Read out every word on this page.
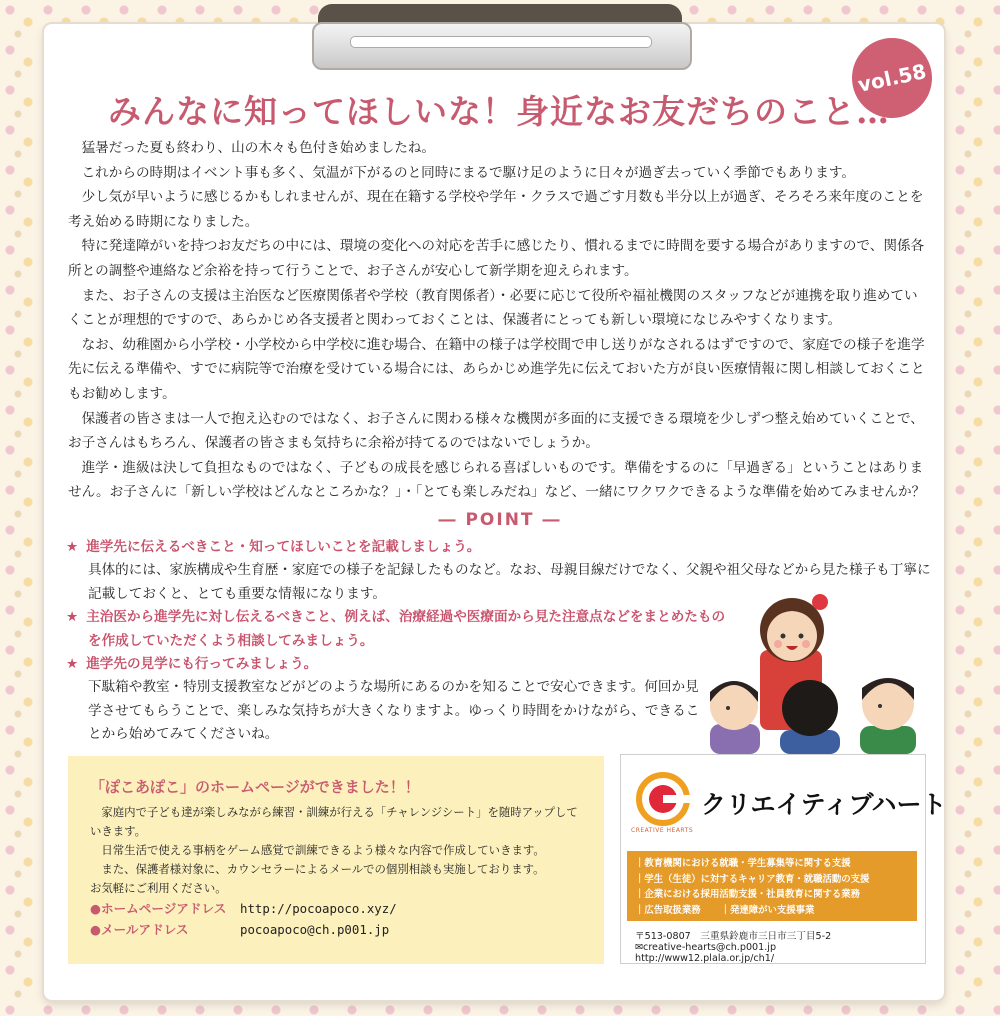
vol.58
みんなに知ってほしいな！身近なお友だちのこと…

猛暑だった夏も終わり、山の木々も色付き始めましたね。

これからの時期はイベント事も多く、気温が下がるのと同時にまるで駆け足のように日々が過ぎ去っていく季節でもあります。

少し気が早いように感じるかもしれませんが、現在在籍する学校や学年・クラスで過ごす月数も半分以上が過ぎ、そろそろ来年度のことを考え始める時期になりました。

特に発達障がいを持つお友だちの中には、環境の変化への対応を苦手に感じたり、慣れるまでに時間を要する場合がありますので、関係各所との調整や連絡など余裕を持って行うことで、お子さんが安心して新学期を迎えられます。

また、お子さんの支援は主治医など医療関係者や学校（教育関係者）・必要に応じて役所や福祉機関のスタッフなどが連携を取り進めていくことが理想的ですので、あらかじめ各支援者と関わっておくことは、保護者にとっても新しい環境になじみやすくなります。

なお、幼稚園から小学校・小学校から中学校に進む場合、在籍中の様子は学校間で申し送りがなされるはずですので、家庭での様子を進学先に伝える準備や、すでに病院等で治療を受けている場合には、あらかじめ進学先に伝えておいた方が良い医療情報に関し相談しておくこともお勧めします。

保護者の皆さまは一人で抱え込むのではなく、お子さんに関わる様々な機関が多面的に支援できる環境を少しずつ整え始めていくことで、お子さんはもちろん、保護者の皆さまも気持ちに余裕が持てるのではないでしょうか。

進学・進級は決して負担なものではなく、子どもの成長を感じられる喜ばしいものです。準備をするのに「早過ぎる」ということはありません。お子さんに「新しい学校はどんなところかな？」・「とても楽しみだね」など、一緒にワクワクできるような準備を始めてみませんか？

― POINT ―
★ 進学先に伝えるべきこと・知ってほしいことを記載しましょう。
具体的には、家族構成や生育歴・家庭での様子を記録したものなど。なお、母親目線だけでなく、父親や祖父母などから見た様子も丁寧に記載しておくと、とても重要な情報になります。
★ 主治医から進学先に対し伝えるべきこと、例えば、治療経過や医療面から見た注意点などをまとめたものを作成していただくよう相談してみましょう。
★ 進学先の見学にも行ってみましょう。
下駄箱や教室・特別支援教室などがどのような場所にあるのかを知ることで安心できます。何回か見学させてもらうことで、楽しみな気持ちが大きくなりますよ。ゆっくり時間をかけながら、できることから始めてみてくださいね。
「ぽこあぽこ」のホームページができました！！

家庭内で子ども達が楽しみながら練習・訓練が行える「チャレンジシート」を随時アップしていきます。

日常生活で使える事柄をゲーム感覚で訓練できるよう様々な内容で作成していきます。

また、保護者様対象に、カウンセラーによるメールでの個別相談も実施しております。

お気軽にご利用ください。

●ホームページアドレス http://pocoapoco.xyz/

●メールアドレス	pocoapoco@ch.p001.jp

CREATIVE HEARTS
クリエイティブハート
｜教育機関における就職・学生募集等に関する支援
｜学生（生徒）に対するキャリア教育・就職活動の支援
｜企業における採用活動支援・社員教育に関する業務
｜広告取扱業務 ｜発達障がい支援事業
〒513-0807　三重県鈴鹿市三日市三丁目5-2
✉creative-hearts@ch.p001.jp
http://www12.plala.or.jp/ch1/
